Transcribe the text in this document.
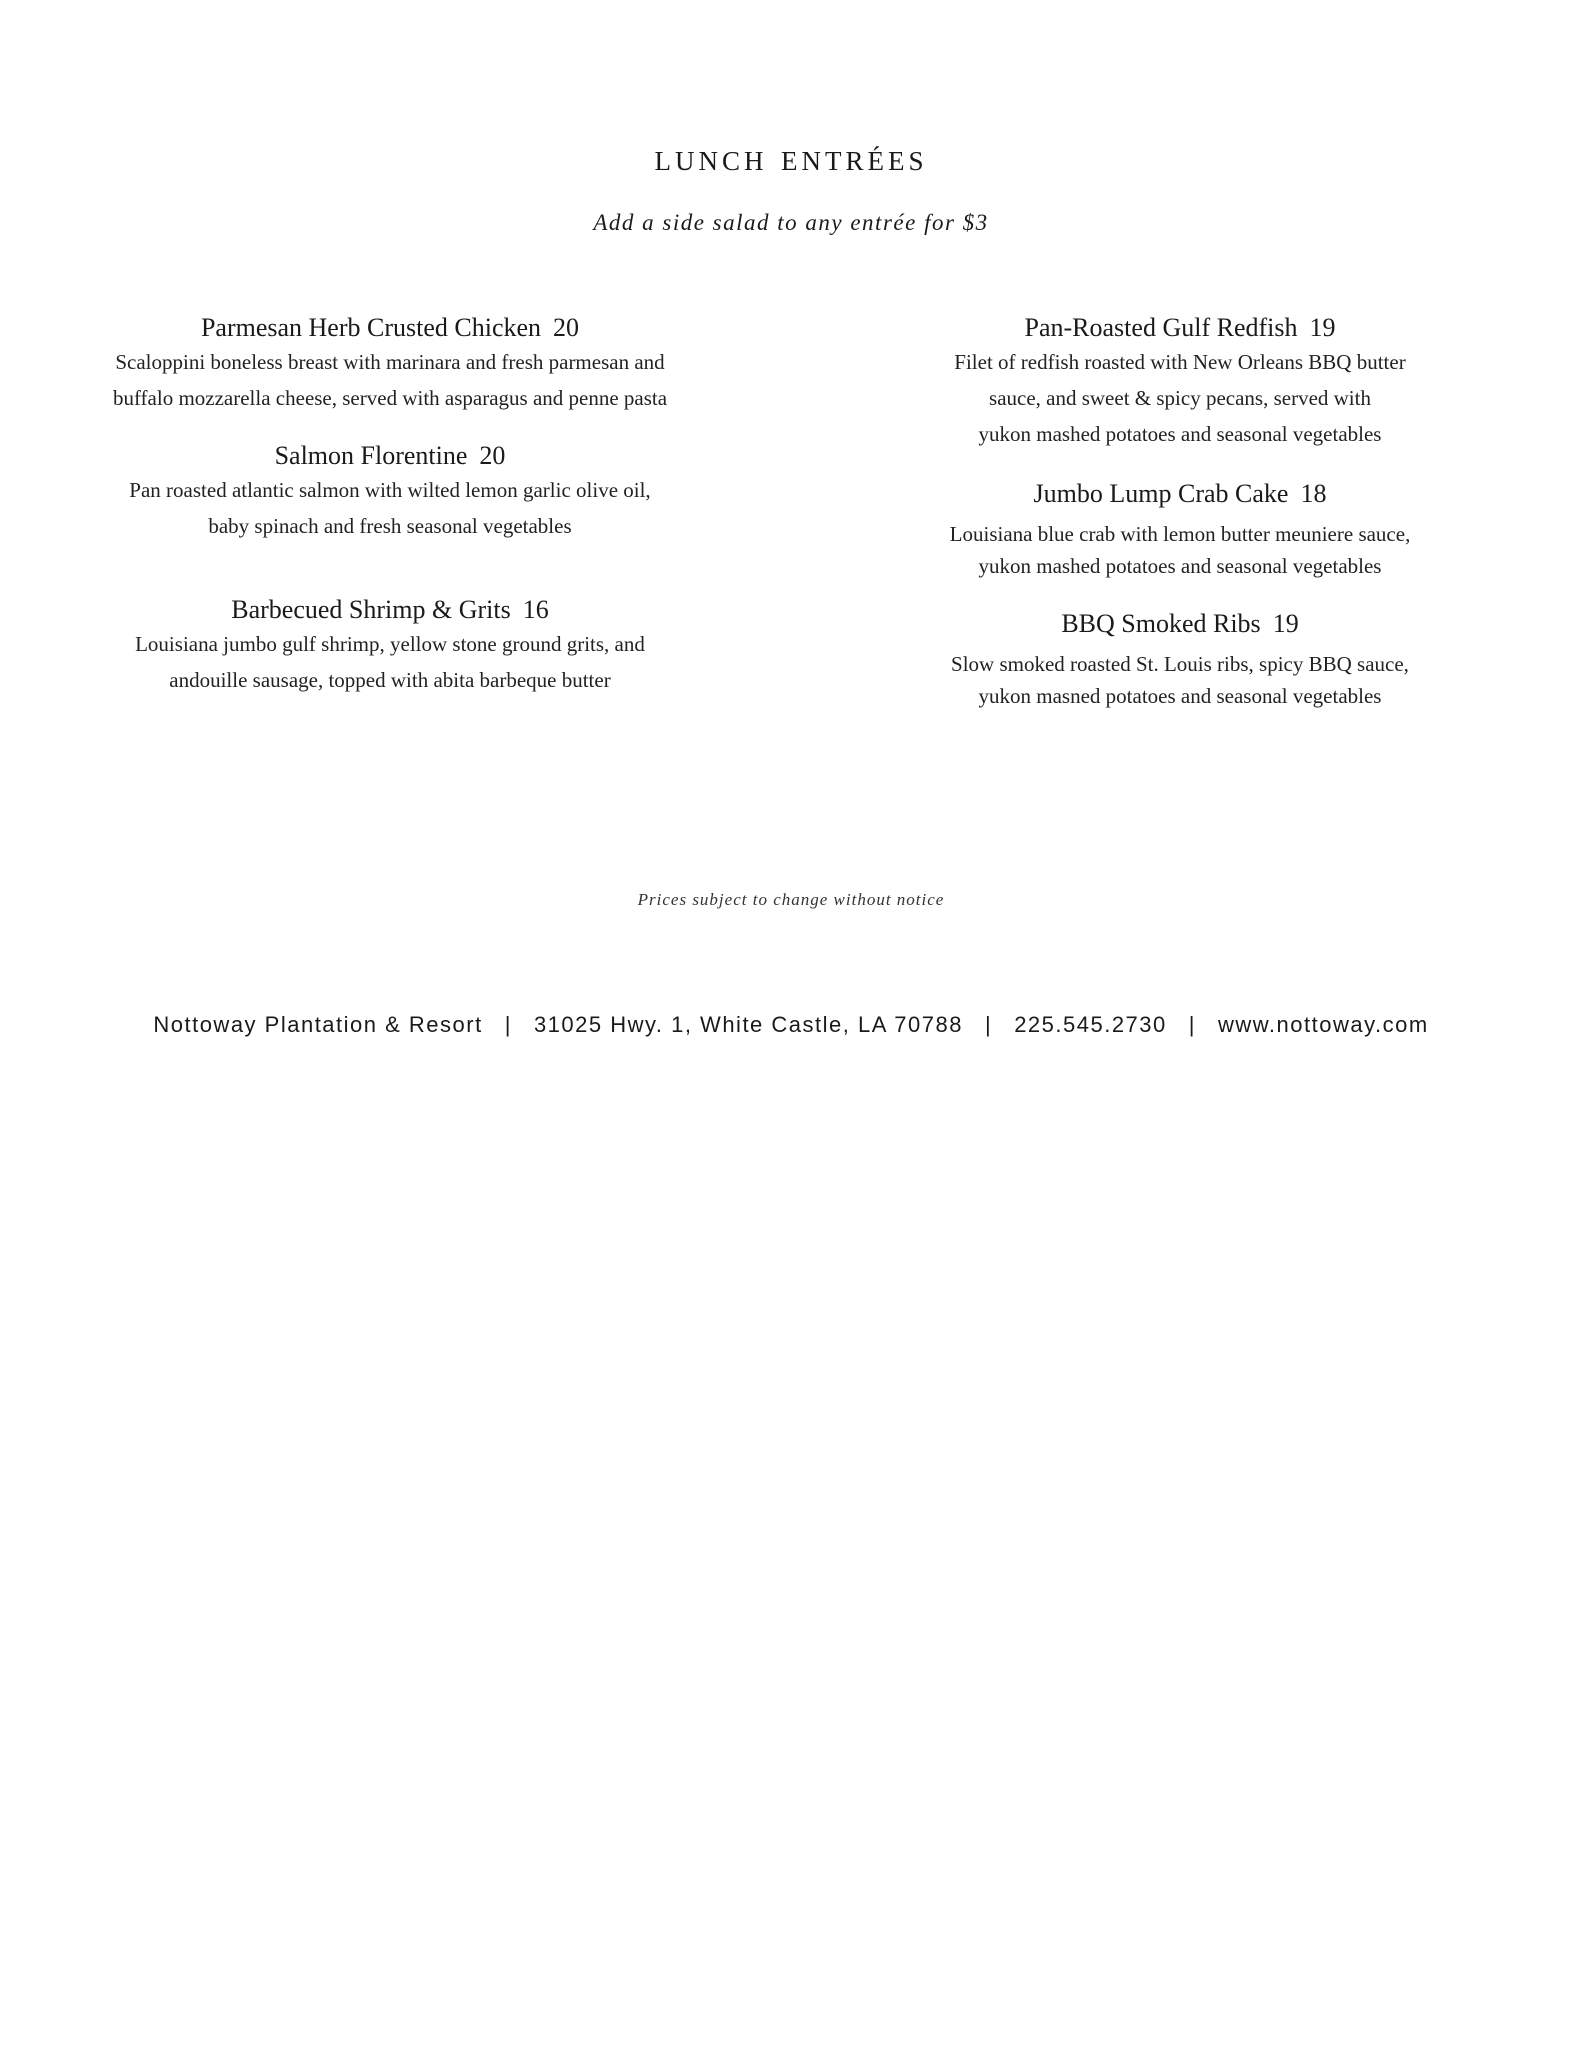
lunch entrées
Add a side salad to any entrée for $3
Parmesan Herb Crusted Chicken 20
Scaloppini boneless breast with marinara and fresh parmesan and
buffalo mozzarella cheese, served with asparagus and penne pasta
Salmon Florentine 20
Pan roasted atlantic salmon with wilted lemon garlic olive oil,
baby spinach and fresh seasonal vegetables
Barbecued Shrimp & Grits 16
Louisiana jumbo gulf shrimp, yellow stone ground grits, and
andouille sausage, topped with abita barbeque butter
Pan-Roasted Gulf Redfish 19
Filet of redfish roasted with New Orleans BBQ butter
sauce, and sweet & spicy pecans, served with
yukon mashed potatoes and seasonal vegetables
Jumbo Lump Crab Cake 18
Louisiana blue crab with lemon butter meuniere sauce,
yukon mashed potatoes and seasonal vegetables
BBQ Smoked Ribs 19
Slow smoked roasted St. Louis ribs, spicy BBQ sauce,
yukon masned potatoes and seasonal vegetables
Prices subject to change without notice
Nottoway Plantation & Resort | 31025 Hwy. 1, White Castle, LA 70788 | 225.545.2730 | www.nottoway.com
